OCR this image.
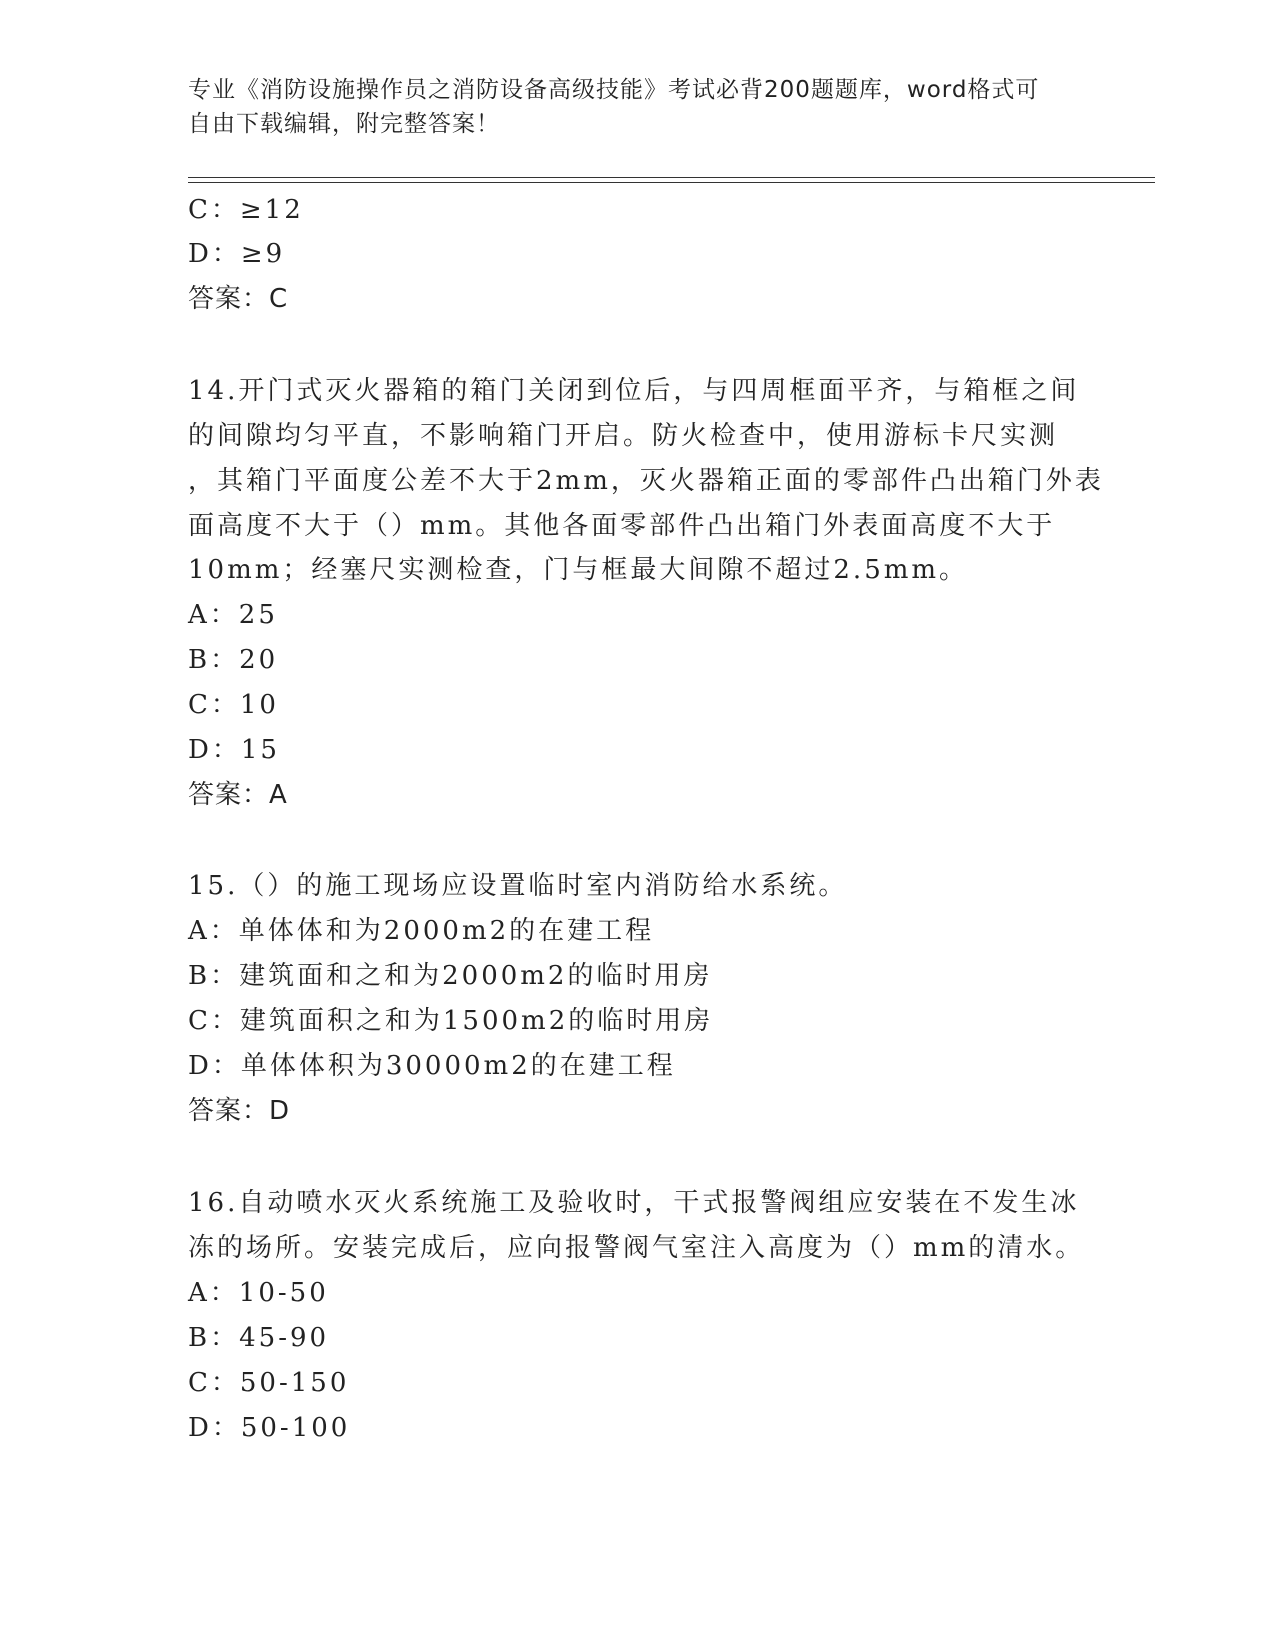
专业《消防设施操作员之消防设备高级技能》考试必背200题题库，word格式可
自由下载编辑，附完整答案！
C：≥12
D：≥9
答案：C
14.开门式灭火器箱的箱门关闭到位后，与四周框面平齐，与箱框之间
的间隙均匀平直，不影响箱门开启。防火检查中，使用游标卡尺实测
，其箱门平面度公差不大于2mm，灭火器箱正面的零部件凸出箱门外表
面高度不大于（）mm。其他各面零部件凸出箱门外表面高度不大于
10mm；经塞尺实测检查，门与框最大间隙不超过2.5mm。
A：25
B：20
C：10
D：15
答案：A
15.（）的施工现场应设置临时室内消防给水系统。
A：单体体和为2000m2的在建工程
B：建筑面和之和为2000m2的临时用房
C：建筑面积之和为1500m2的临时用房
D：单体体积为30000m2的在建工程
答案：D
16.自动喷水灭火系统施工及验收时，干式报警阀组应安装在不发生冰
冻的场所。安装完成后，应向报警阀气室注入高度为（）mm的清水。
A：10-50
B：45-90
C：50-150
D：50-100
